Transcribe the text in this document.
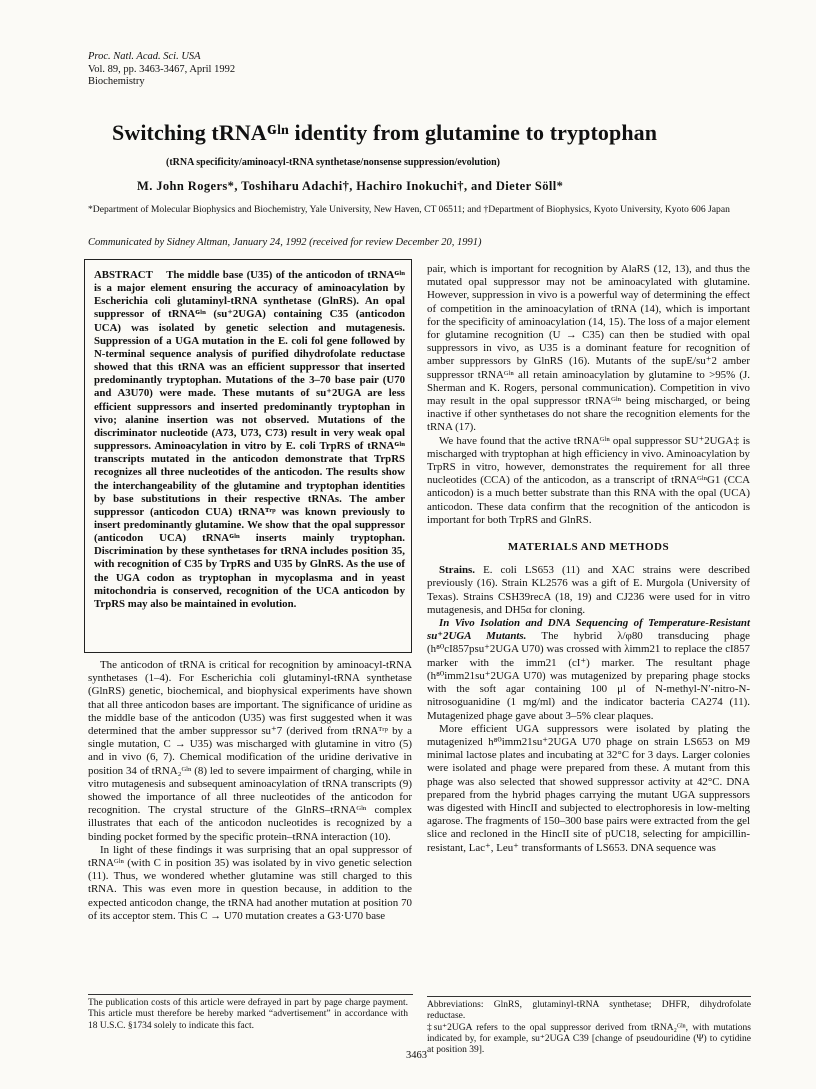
Proc. Natl. Acad. Sci. USA
Vol. 89, pp. 3463-3467, April 1992
Biochemistry
Switching tRNAᴳˡⁿ identity from glutamine to tryptophan
(tRNA specificity/aminoacyl-tRNA synthetase/nonsense suppression/evolution)
M. John Rogers*, Toshiharu Adachi†, Hachiro Inokuchi†, and Dieter Söll*
*Department of Molecular Biophysics and Biochemistry, Yale University, New Haven, CT 06511; and †Department of Biophysics, Kyoto University, Kyoto 606 Japan
Communicated by Sidney Altman, January 24, 1992 (received for review December 20, 1991)
ABSTRACT The middle base (U35) of the anticodon of tRNAᴳˡⁿ is a major element ensuring the accuracy of aminoacylation by Escherichia coli glutaminyl-tRNA synthetase (GlnRS). An opal suppressor of tRNAᴳˡⁿ (su⁺2UGA) containing C35 (anticodon UCA) was isolated by genetic selection and mutagenesis. Suppression of a UGA mutation in the E. coli fol gene followed by N-terminal sequence analysis of purified dihydrofolate reductase showed that this tRNA was an efficient suppressor that inserted predominantly tryptophan. Mutations of the 3–70 base pair (U70 and A3U70) were made. These mutants of su⁺2UGA are less efficient suppressors and inserted predominantly tryptophan in vivo; alanine insertion was not observed. Mutations of the discriminator nucleotide (A73, U73, C73) result in very weak opal suppressors. Aminoacylation in vitro by E. coli TrpRS of tRNAᴳˡⁿ transcripts mutated in the anticodon demonstrate that TrpRS recognizes all three nucleotides of the anticodon. The results show the interchangeability of the glutamine and tryptophan identities by base substitutions in their respective tRNAs. The amber suppressor (anticodon CUA) tRNAᵀʳᵖ was known previously to insert predominantly glutamine. We show that the opal suppressor (anticodon UCA) tRNAᴳˡⁿ inserts mainly tryptophan. Discrimination by these synthetases for tRNA includes position 35, with recognition of C35 by TrpRS and U35 by GlnRS. As the use of the UGA codon as tryptophan in mycoplasma and in yeast mitochondria is conserved, recognition of the UCA anticodon by TrpRS may also be maintained in evolution.

The anticodon of tRNA is critical for recognition by aminoacyl-tRNA synthetases (1–4). For Escherichia coli glutaminyl-tRNA synthetase (GlnRS) genetic, biochemical, and biophysical experiments have shown that all three anticodon bases are important. The significance of uridine as the middle base of the anticodon (U35) was first suggested when it was determined that the amber suppressor su⁺7 (derived from tRNAᵀʳᵖ by a single mutation, C → U35) was mischarged with glutamine in vitro (5) and in vivo (6, 7). Chemical modification of the uridine derivative in position 34 of tRNA₂ᴳˡⁿ (8) led to severe impairment of charging, while in vitro mutagenesis and subsequent aminoacylation of tRNA transcripts (9) showed the importance of all three nucleotides of the anticodon for recognition. The crystal structure of the GlnRS–tRNAᴳˡⁿ complex illustrates that each of the anticodon nucleotides is recognized by a binding pocket formed by the specific protein–tRNA interaction (10).

In light of these findings it was surprising that an opal suppressor of tRNAᴳˡⁿ (with C in position 35) was isolated by in vivo genetic selection (11). Thus, we wondered whether glutamine was still charged to this tRNA. This was even more in question because, in addition to the expected anticodon change, the tRNA had another mutation at position 70 of its acceptor stem. This C → U70 mutation creates a G3·U70 base

The publication costs of this article were defrayed in part by page charge payment. This article must therefore be hereby marked “advertisement” in accordance with 18 U.S.C. §1734 solely to indicate this fact.

pair, which is important for recognition by AlaRS (12, 13), and thus the mutated opal suppressor may not be aminoacylated with glutamine. However, suppression in vivo is a powerful way of determining the effect of competition in the aminoacylation of tRNA (14), which is important for the specificity of aminoacylation (14, 15). The loss of a major element for glutamine recognition (U → C35) can then be studied with opal suppressors in vivo, as U35 is a dominant feature for recognition of amber suppressors by GlnRS (16). Mutants of the supE/su⁺2 amber suppressor tRNAᴳˡⁿ all retain aminoacylation by glutamine to >95% (J. Sherman and K. Rogers, personal communication). Competition in vivo may result in the opal suppressor tRNAᴳˡⁿ being mischarged, or being inactive if other synthetases do not share the recognition elements for the tRNA (17).

We have found that the active tRNAᴳˡⁿ opal suppressor SU⁺2UGA‡ is mischarged with tryptophan at high efficiency in vivo. Aminoacylation by TrpRS in vitro, however, demonstrates the requirement for all three nucleotides (CCA) of the anticodon, as a transcript of tRNAᴳˡⁿG1 (CCA anticodon) is a much better substrate than this RNA with the opal (UCA) anticodon. These data confirm that the recognition of the anticodon is important for both TrpRS and GlnRS.

MATERIALS AND METHODS

Strains. E. coli LS653 (11) and XAC strains were described previously (16). Strain KL2576 was a gift of E. Murgola (University of Texas). Strains CSH39recA (18, 19) and CJ236 were used for in vitro mutagenesis, and DH5α for cloning.

In Vivo Isolation and DNA Sequencing of Temperature-Resistant su⁺2UGA Mutants. The hybrid λ/φ80 transducing phage (h⁸⁰cI857psu⁺2UGA U70) was crossed with λimm21 to replace the cI857 marker with the imm21 (cI⁺) marker. The resultant phage (h⁸⁰imm21su⁺2UGA U70) was mutagenized by preparing phage stocks with the soft agar containing 100 μl of N-methyl-N′-nitro-N-nitrosoguanidine (1 mg/ml) and the indicator bacteria CA274 (11). Mutagenized phage gave about 3–5% clear plaques.

More efficient UGA suppressors were isolated by plating the mutagenized h⁸⁰imm21su⁺2UGA U70 phage on strain LS653 on M9 minimal lactose plates and incubating at 32°C for 3 days. Larger colonies were isolated and phage were prepared from these. A mutant from this phage was also selected that showed suppressor activity at 42°C. DNA prepared from the hybrid phages carrying the mutant UGA suppressors was digested with HincII and subjected to electrophoresis in low-melting agarose. The fragments of 150–300 base pairs were extracted from the gel slice and recloned in the HincII site of pUC18, selecting for ampicillin-resistant, Lac⁺, Leu⁺ transformants of LS653. DNA sequence was

Abbreviations: GlnRS, glutaminyl-tRNA synthetase; DHFR, dihydrofolate reductase.
‡su⁺2UGA refers to the opal suppressor derived from tRNA₂ᴳˡⁿ, with mutations indicated by, for example, su⁺2UGA C39 [change of pseudouridine (Ψ) to cytidine at position 39].
3463
